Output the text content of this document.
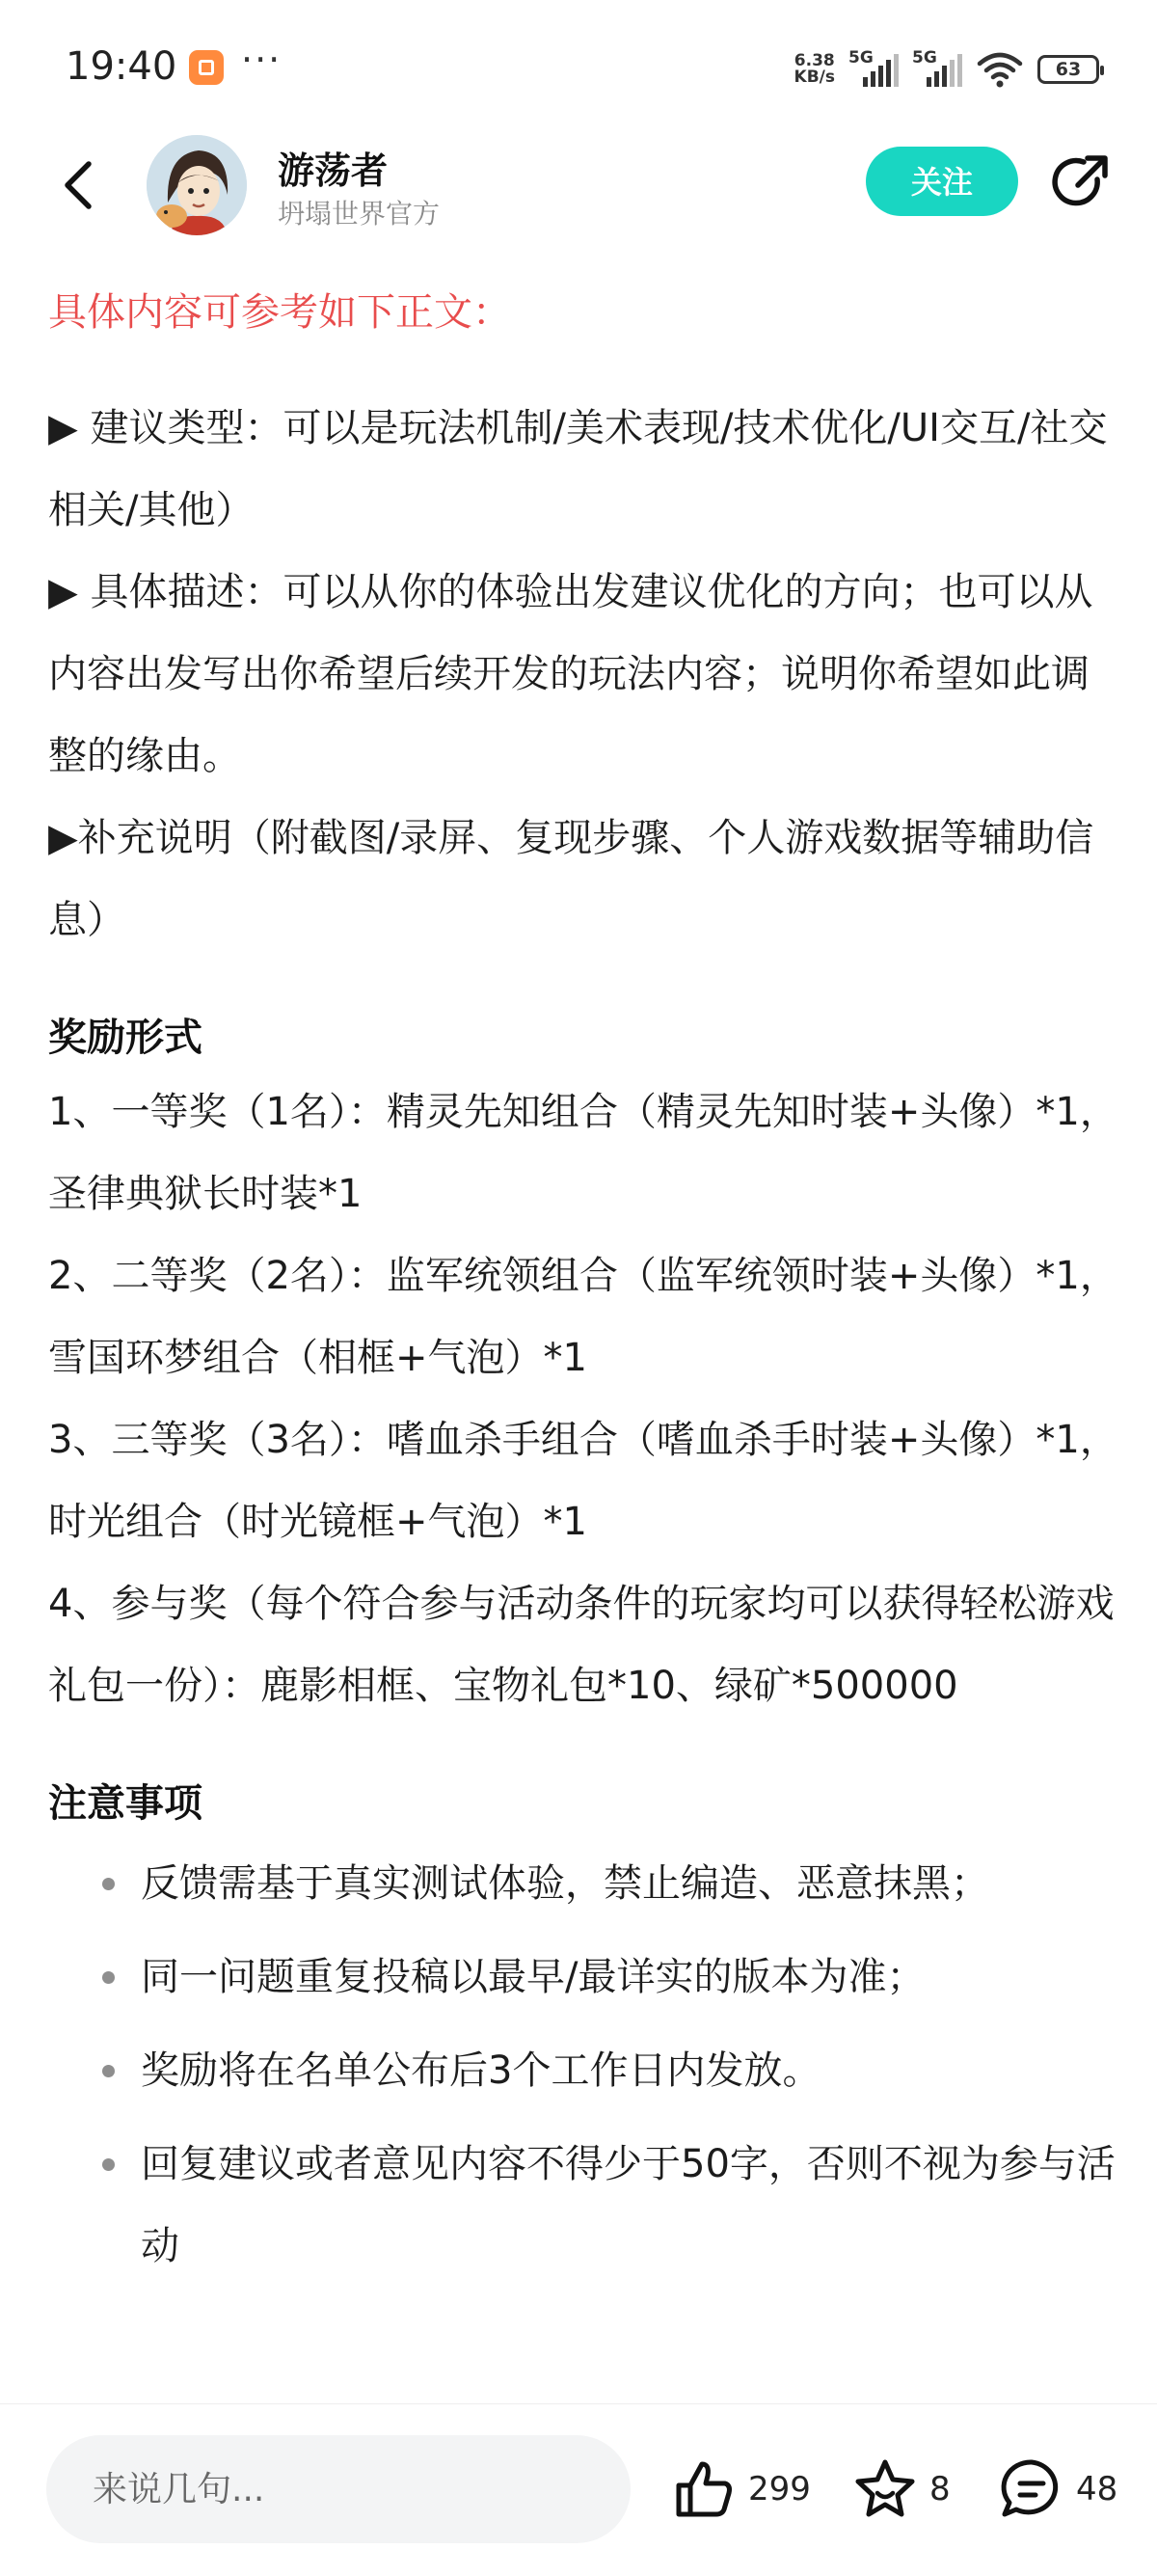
19:40 ···	6.38
KB/s
5G 5G
63
游荡者
坍塌世界官方
关注

具体内容可参考如下正文：

▶ 建议类型：可以是玩法机制/美术表现/技术优化/UI交互/社交相关/其他）

▶ 具体描述：可以从你的体验出发建议优化的方向；也可以从内容出发写出你希望后续开发的玩法内容；说明你希望如此调整的缘由。

▶补充说明（附截图/录屏、复现步骤、个人游戏数据等辅助信息）

奖励形式

1、一等奖（1名）：精灵先知组合（精灵先知时装+头像）*1，圣律典狱长时装*1

2、二等奖（2名）：监军统领组合（监军统领时装+头像）*1，雪国环梦组合（相框+气泡）*1

3、三等奖（3名）：嗜血杀手组合（嗜血杀手时装+头像）*1，时光组合（时光镜框+气泡）*1

4、参与奖（每个符合参与活动条件的玩家均可以获得轻松游戏礼包一份）：鹿影相框、宝物礼包*10、绿矿*500000

注意事项

反馈需基于真实测试体验，禁止编造、恶意抹黑；
同一问题重复投稿以最早/最详实的版本为准；
奖励将在名单公布后3个工作日内发放。
回复建议或者意见内容不得少于50字，否则不视为参与活动
来说几句...
299	8	48
